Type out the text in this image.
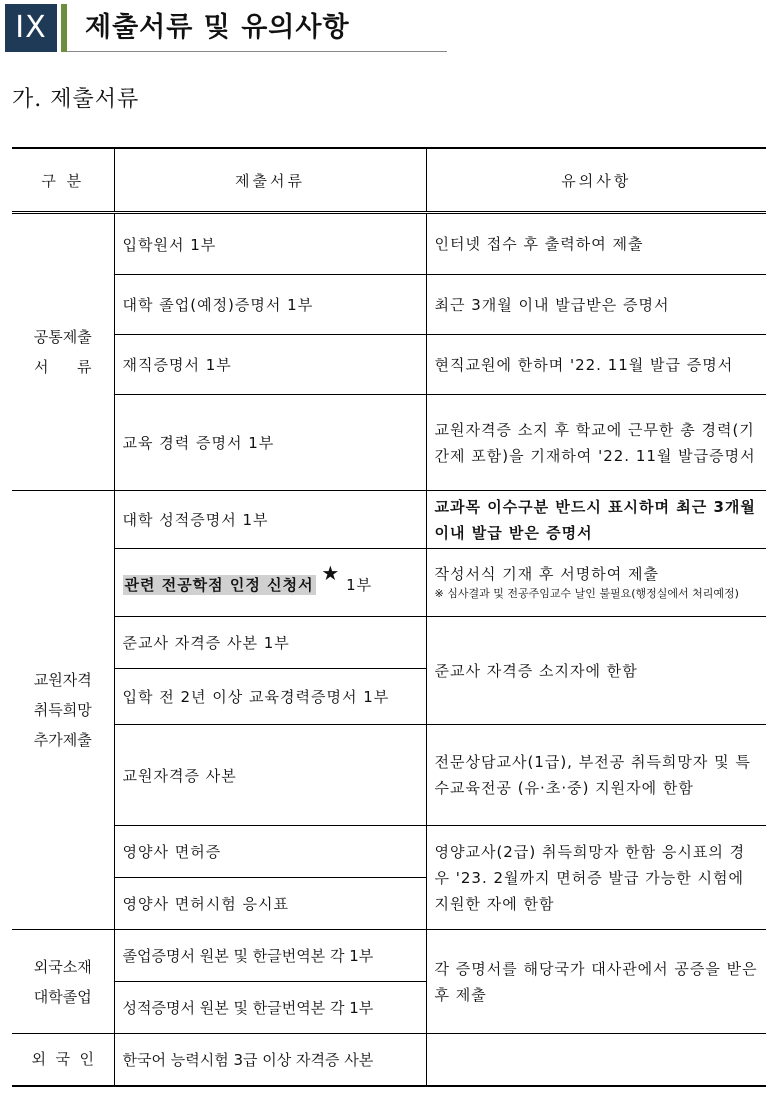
IX	제출서류 및 유의사항
가. 제출서류
구 분	제출서류	유의사항

공통제출
서      류	입학원서 1부	인터넷 접수 후 출력하여 제출
	대학 졸업(예정)증명서 1부	최근 3개월 이내 발급받은 증명서
	재직증명서 1부	현직교원에 한하며 '22. 11월 발급 증명서
	교육 경력 증명서 1부	교원자격증 소지 후 학교에 근무한 총 경력(기간제 포함)을 기재하여 '22. 11월 발급증명서

교원자격
취득희망
추가제출	대학 성적증명서 1부	교과목 이수구분 반드시 표시하며 최근 3개월 이내 발급 받은 증명서
	관련 전공학점 인정 신청서 ★ 1부	작성서식 기재 후 서명하여 제출
※ 심사결과 및 전공주임교수 날인 불필요(행정실에서 처리예정)

	준교사 자격증 사본 1부	준교사 자격증 소지자에 한함
	입학 전 2년 이상 교육경력증명서 1부	
	교원자격증 사본	전문상담교사(1급), 부전공 취득희망자 및 특수교육전공 (유·초·중) 지원자에 한함
	영양사 면허증	영양교사(2급) 취득희망자 한함 응시표의 경우 '23. 2월까지 면허증 발급 가능한 시험에 지원한 자에 한함
	영양사 면허시험 응시표	

외국소재
대학졸업	졸업증명서 원본 및 한글번역본 각 1부	각 증명서를 해당국가 대사관에서 공증을 받은 후 제출
	성적증명서 원본 및 한글번역본 각 1부	
외  국  인	한국어 능력시험 3급 이상 자격증 사본	
